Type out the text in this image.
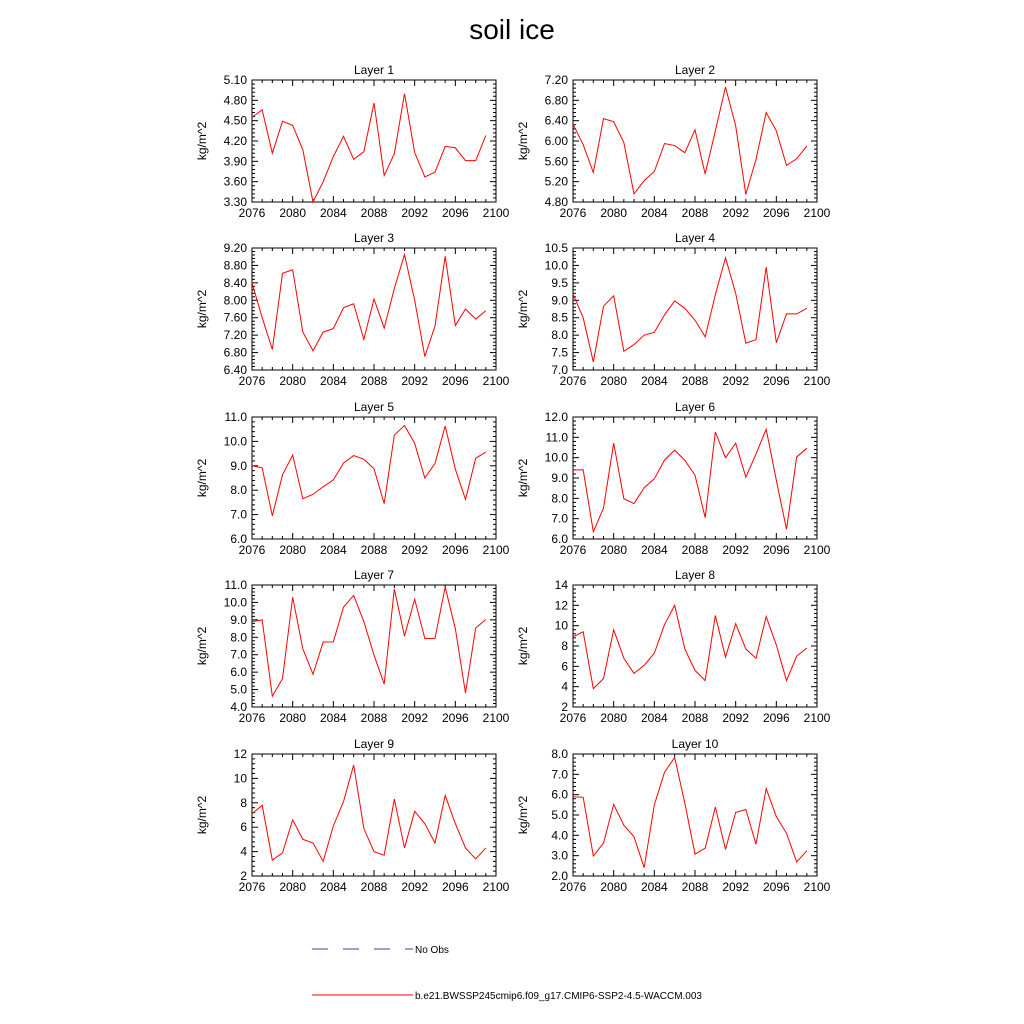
soil ice
No Obs
b.e21.BWSSP245cmip6.f09_g17.CMIP6-SSP2-4.5-WACCM.003
Layer 1
kg/m^2
2076 2080 2084 2088 2092 2096 2100
3.30
3.60
3.90
4.20
4.50
4.80
5.10
Layer 2
kg/m^2
2076 2080 2084 2088 2092 2096 2100
4.80
5.20
5.60
6.00
6.40
6.80
7.20
Layer 3
kg/m^2
2076 2080 2084 2088 2092 2096 2100
6.40
6.80
7.20
7.60
8.00
8.40
8.80
9.20
Layer 4
kg/m^2
2076 2080 2084 2088 2092 2096 2100
7.0
7.5
8.0
8.5
9.0
9.5
10.0
10.5
Layer 5
kg/m^2
2076 2080 2084 2088 2092 2096 2100
6.0
7.0
8.0
9.0
10.0
11.0
Layer 6
kg/m^2
2076 2080 2084 2088 2092 2096 2100
6.0
7.0
8.0
9.0
10.0
11.0
12.0
Layer 7
kg/m^2
2076 2080 2084 2088 2092 2096 2100
4.0
5.0
6.0
7.0
8.0
9.0
10.0
11.0
Layer 8
kg/m^2
2076 2080 2084 2088 2092 2096 2100
2
4
6
8
10
12
14
Layer 9
kg/m^2
2076 2080 2084 2088 2092 2096 2100
2
4
6
8
10
12
Layer 10
kg/m^2
2076 2080 2084 2088 2092 2096 2100
2.0
3.0
4.0
5.0
6.0
7.0
8.0
